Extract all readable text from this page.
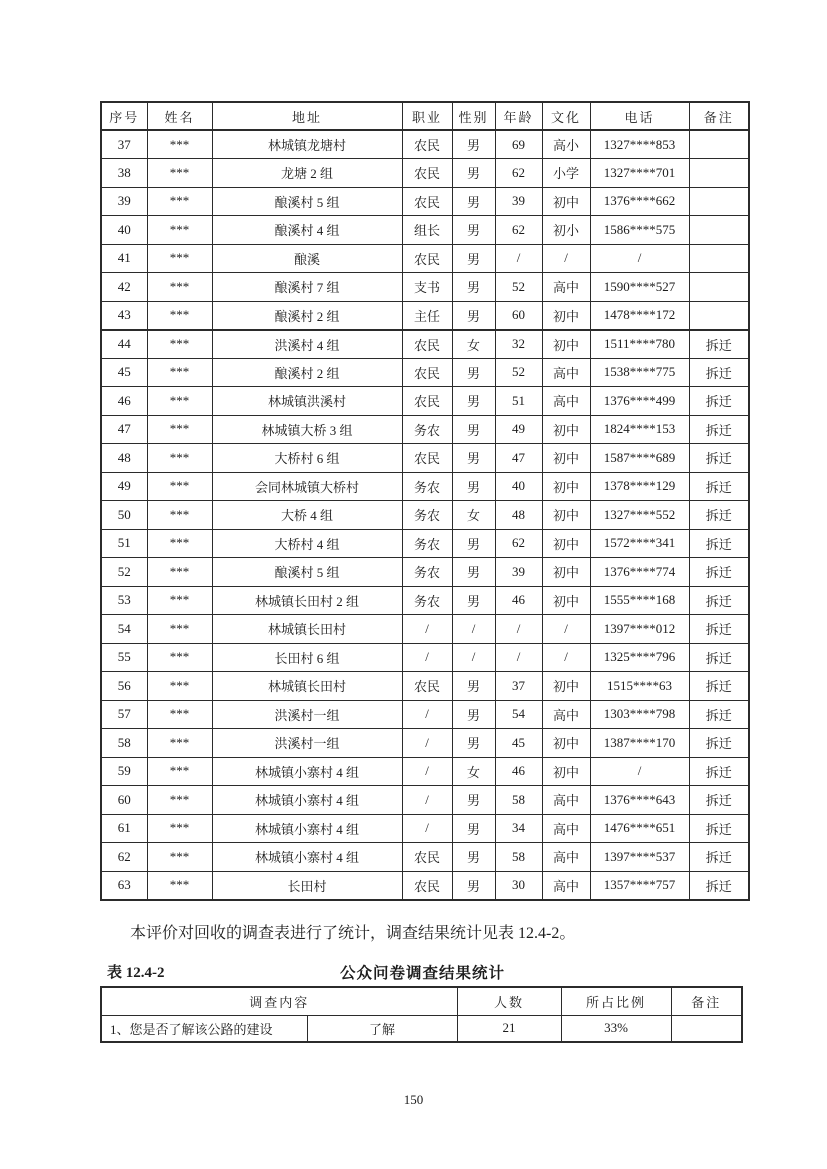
序号	姓名	地址	职业	性别	年龄	文化	电话	备注
37	***	林城镇龙塘村	农民	男	69	高小	1327****853	
38	***	龙塘 2 组	农民	男	62	小学	1327****701	
39	***	酿溪村 5 组	农民	男	39	初中	1376****662	
40	***	酿溪村 4 组	组长	男	62	初小	1586****575	
41	***	酿溪	农民	男	/	/	/	
42	***	酿溪村 7 组	支书	男	52	高中	1590****527	
43	***	酿溪村 2 组	主任	男	60	初中	1478****172	
44	***	洪溪村 4 组	农民	女	32	初中	1511****780	拆迁
45	***	酿溪村 2 组	农民	男	52	高中	1538****775	拆迁
46	***	林城镇洪溪村	农民	男	51	高中	1376****499	拆迁
47	***	林城镇大桥 3 组	务农	男	49	初中	1824****153	拆迁
48	***	大桥村 6 组	农民	男	47	初中	1587****689	拆迁
49	***	会同林城镇大桥村	务农	男	40	初中	1378****129	拆迁
50	***	大桥 4 组	务农	女	48	初中	1327****552	拆迁
51	***	大桥村 4 组	务农	男	62	初中	1572****341	拆迁
52	***	酿溪村 5 组	务农	男	39	初中	1376****774	拆迁
53	***	林城镇长田村 2 组	务农	男	46	初中	1555****168	拆迁
54	***	林城镇长田村	/	/	/	/	1397****012	拆迁
55	***	长田村 6 组	/	/	/	/	1325****796	拆迁
56	***	林城镇长田村	农民	男	37	初中	1515****63	拆迁
57	***	洪溪村一组	/	男	54	高中	1303****798	拆迁
58	***	洪溪村一组	/	男	45	初中	1387****170	拆迁
59	***	林城镇小寨村 4 组	/	女	46	初中	/	拆迁
60	***	林城镇小寨村 4 组	/	男	58	高中	1376****643	拆迁
61	***	林城镇小寨村 4 组	/	男	34	高中	1476****651	拆迁
62	***	林城镇小寨村 4 组	农民	男	58	高中	1397****537	拆迁
63	***	长田村	农民	男	30	高中	1357****757	拆迁

本评价对回收的调查表进行了统计，调查结果统计见表 12.4-2。

表 12.4-2	公众问卷调查结果统计
调查内容		人数	所占比例	备注
1、您是否了解该公路的建设	了解	21	33%	
150
